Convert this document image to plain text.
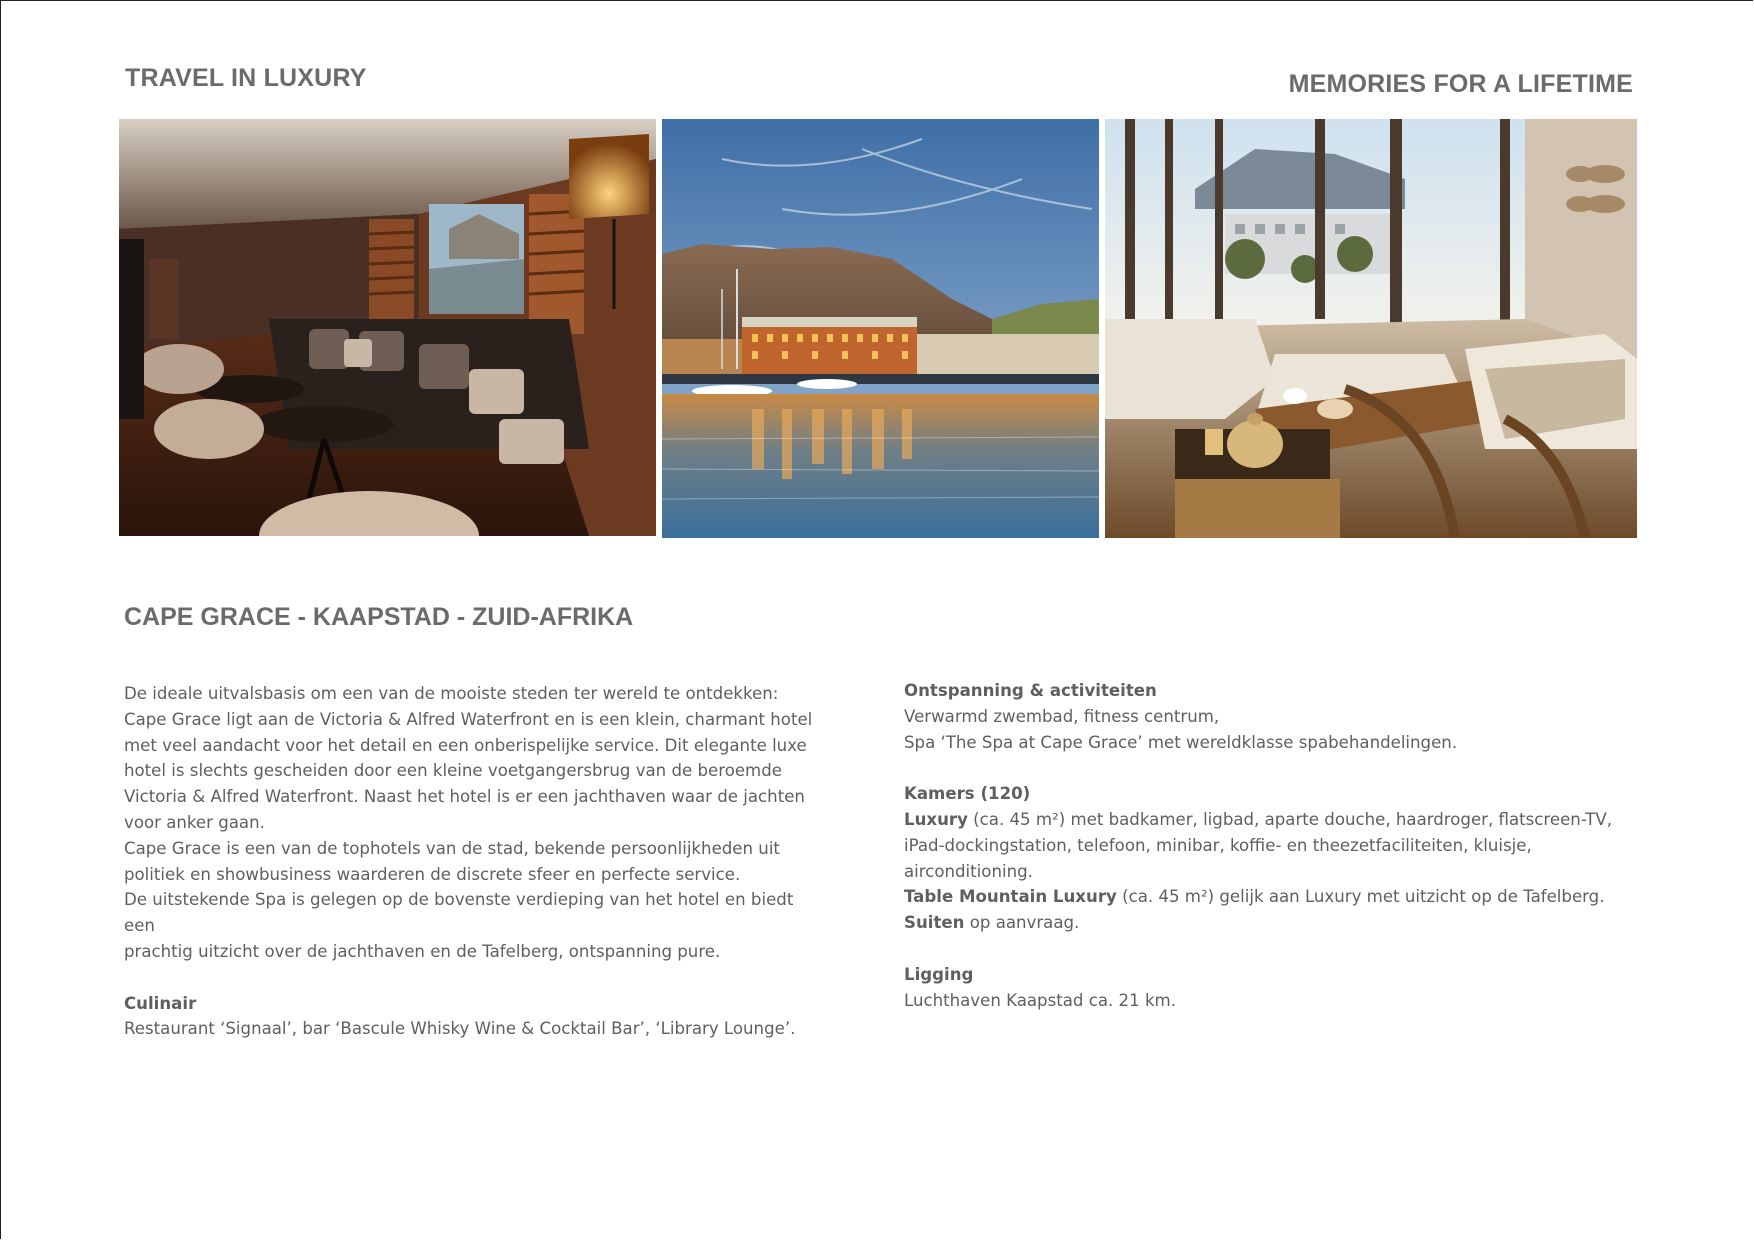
TRAVEL IN LUXURY	MEMORIES FOR A LIFETIME
CAPE GRACE - KAAPSTAD - ZUID-AFRIKA

De ideale uitvalsbasis om een van de mooiste steden ter wereld te ontdekken:

Cape Grace ligt aan de Victoria & Alfred Waterfront en is een klein, charmant hotel

met veel aandacht voor het detail en een onberispelijke service. Dit elegante luxe

hotel is slechts gescheiden door een kleine voetgangersbrug van de beroemde

Victoria & Alfred Waterfront. Naast het hotel is er een jachthaven waar de jachten

voor anker gaan.

Cape Grace is een van de tophotels van de stad, bekende persoonlijkheden uit

politiek en showbusiness waarderen de discrete sfeer en perfecte service.

De uitstekende Spa is gelegen op de bovenste verdieping van het hotel en biedt een

prachtig uitzicht over de jachthaven en de Tafelberg, ontspanning pure.

Culinair

Restaurant ‘Signaal’, bar ‘Bascule Whisky Wine & Cocktail Bar’, ‘Library Lounge’.

Ontspanning & activiteiten

Verwarmd zwembad, fitness centrum,

Spa ‘The Spa at Cape Grace’ met wereldklasse spabehandelingen.

Kamers (120)

Luxury (ca. 45 m²) met badkamer, ligbad, aparte douche, haardroger, flatscreen-TV,

iPad-dockingstation, telefoon, minibar, koffie- en theezetfaciliteiten, kluisje,

airconditioning.

Table Mountain Luxury (ca. 45 m²) gelijk aan Luxury met uitzicht op de Tafelberg.

Suiten op aanvraag.

Ligging

Luchthaven Kaapstad ca. 21 km.
